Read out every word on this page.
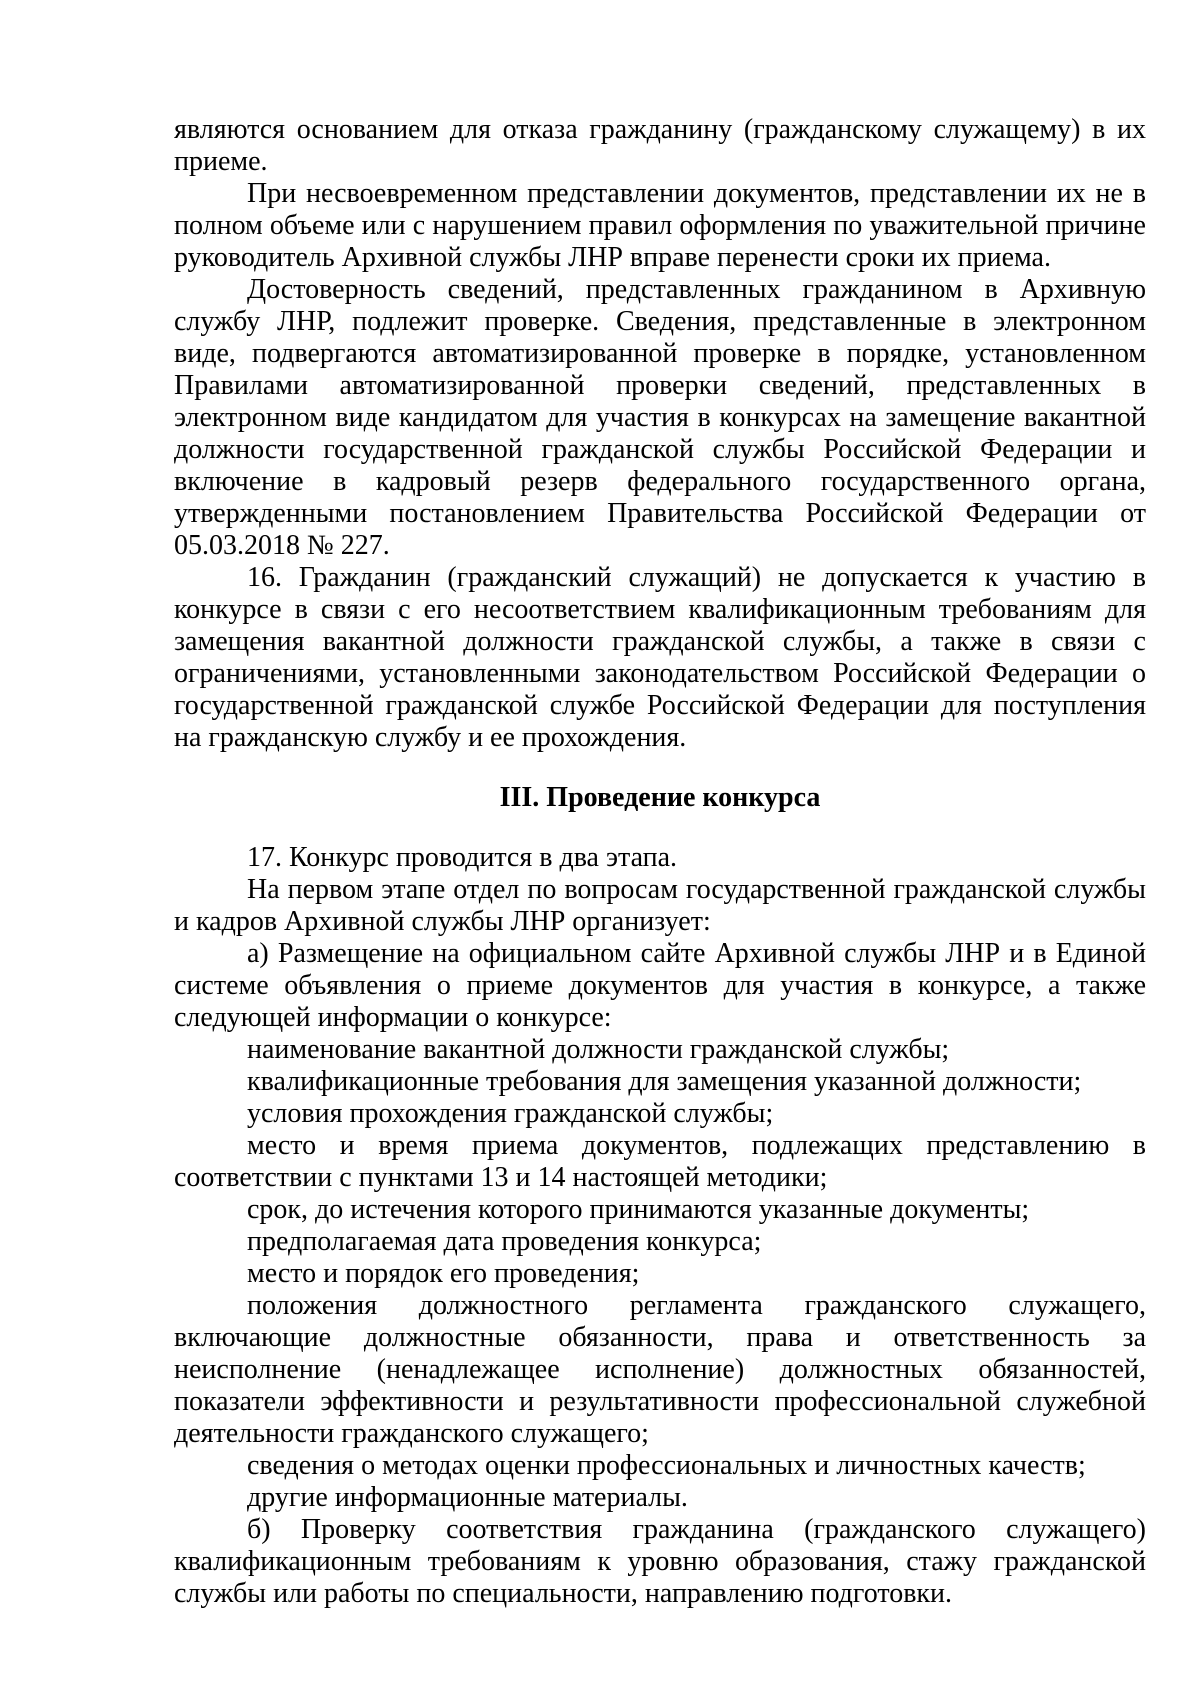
являются основанием для отказа гражданину (гражданскому служащему) в их приеме.

При несвоевременном представлении документов, представлении их не в полном объеме или с нарушением правил оформления по уважительной причине руководитель Архивной службы ЛНР вправе перенести сроки их приема.

Достоверность сведений, представленных гражданином в Архивную службу ЛНР, подлежит проверке. Сведения, представленные в электронном виде, подвергаются автоматизированной проверке в порядке, установленном Правилами автоматизированной проверки сведений, представленных в электронном виде кандидатом для участия в конкурсах на замещение вакантной должности государственной гражданской службы Российской Федерации и включение в кадровый резерв федерального государственного органа, утвержденными постановлением Правительства Российской Федерации от 05.03.2018 № 227.

16. Гражданин (гражданский служащий) не допускается к участию в конкурсе в связи с его несоответствием квалификационным требованиям для замещения вакантной должности гражданской службы, а также в связи с ограничениями, установленными законодательством Российской Федерации о государственной гражданской службе Российской Федерации для поступления на гражданскую службу и ее прохождения.

III. Проведение конкурса

17. Конкурс проводится в два этапа.

На первом этапе отдел по вопросам государственной гражданской службы и кадров Архивной службы ЛНР организует:

а) Размещение на официальном сайте Архивной службы ЛНР и в Единой системе объявления о приеме документов для участия в конкурсе, а также следующей информации о конкурсе:

наименование вакантной должности гражданской службы;

квалификационные требования для замещения указанной должности;

условия прохождения гражданской службы;

место и время приема документов, подлежащих представлению в соответствии с пунктами 13 и 14 настоящей методики;

срок, до истечения которого принимаются указанные документы;

предполагаемая дата проведения конкурса;

место и порядок его проведения;

положения должностного регламента гражданского служащего, включающие должностные обязанности, права и ответственность за неисполнение (ненадлежащее исполнение) должностных обязанностей, показатели эффективности и результативности профессиональной служебной деятельности гражданского служащего;

сведения о методах оценки профессиональных и личностных качеств;

другие информационные материалы.

б) Проверку соответствия гражданина (гражданского служащего) квалификационным требованиям к уровню образования, стажу гражданской службы или работы по специальности, направлению подготовки.
